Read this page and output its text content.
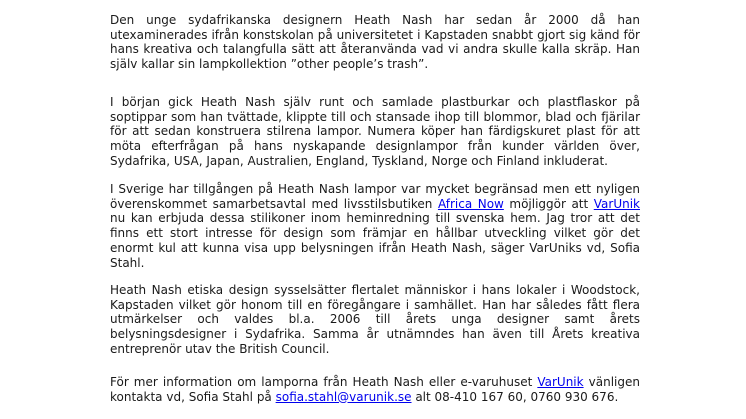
Den unge sydafrikanska designern Heath Nash har sedan år 2000 då han utexaminerades ifrån konstskolan på universitetet i Kapstaden snabbt gjort sig känd för hans kreativa och talangfulla sätt att återanvända vad vi andra skulle kalla skräp. Han själv kallar sin lampkollektion ”other people’s trash”.

I början gick Heath Nash själv runt och samlade plastburkar och plastflaskor på soptippar som han tvättade, klippte till och stansade ihop till blommor, blad och fjärilar för att sedan konstruera stilrena lampor. Numera köper han färdigskuret plast för att möta efterfrågan på hans nyskapande designlampor från kunder världen över, Sydafrika, USA, Japan, Australien, England, Tyskland, Norge och Finland inkluderat.

I Sverige har tillgången på Heath Nash lampor var mycket begränsad men ett nyligen överenskommet samarbetsavtal med livsstilsbutiken Africa Now möjliggör att VarUnik nu kan erbjuda dessa stilikoner inom heminredning till svenska hem. Jag tror att det finns ett stort intresse för design som främjar en hållbar utveckling vilket gör det enormt kul att kunna visa upp belysningen ifrån Heath Nash, säger VarUniks vd, Sofia Stahl.

Heath Nash etiska design sysselsätter flertalet människor i hans lokaler i Woodstock, Kapstaden vilket gör honom till en föregångare i samhället. Han har således fått flera utmärkelser och valdes bl.a. 2006 till årets unga designer samt årets belysningsdesigner i Sydafrika. Samma år utnämndes han även till Årets kreativa entreprenör utav the British Council.

För mer information om lamporna från Heath Nash eller e-varuhuset VarUnik vänligen kontakta vd, Sofia Stahl på sofia.stahl@varunik.se alt 08-410 167 60, 0760 930 676.
